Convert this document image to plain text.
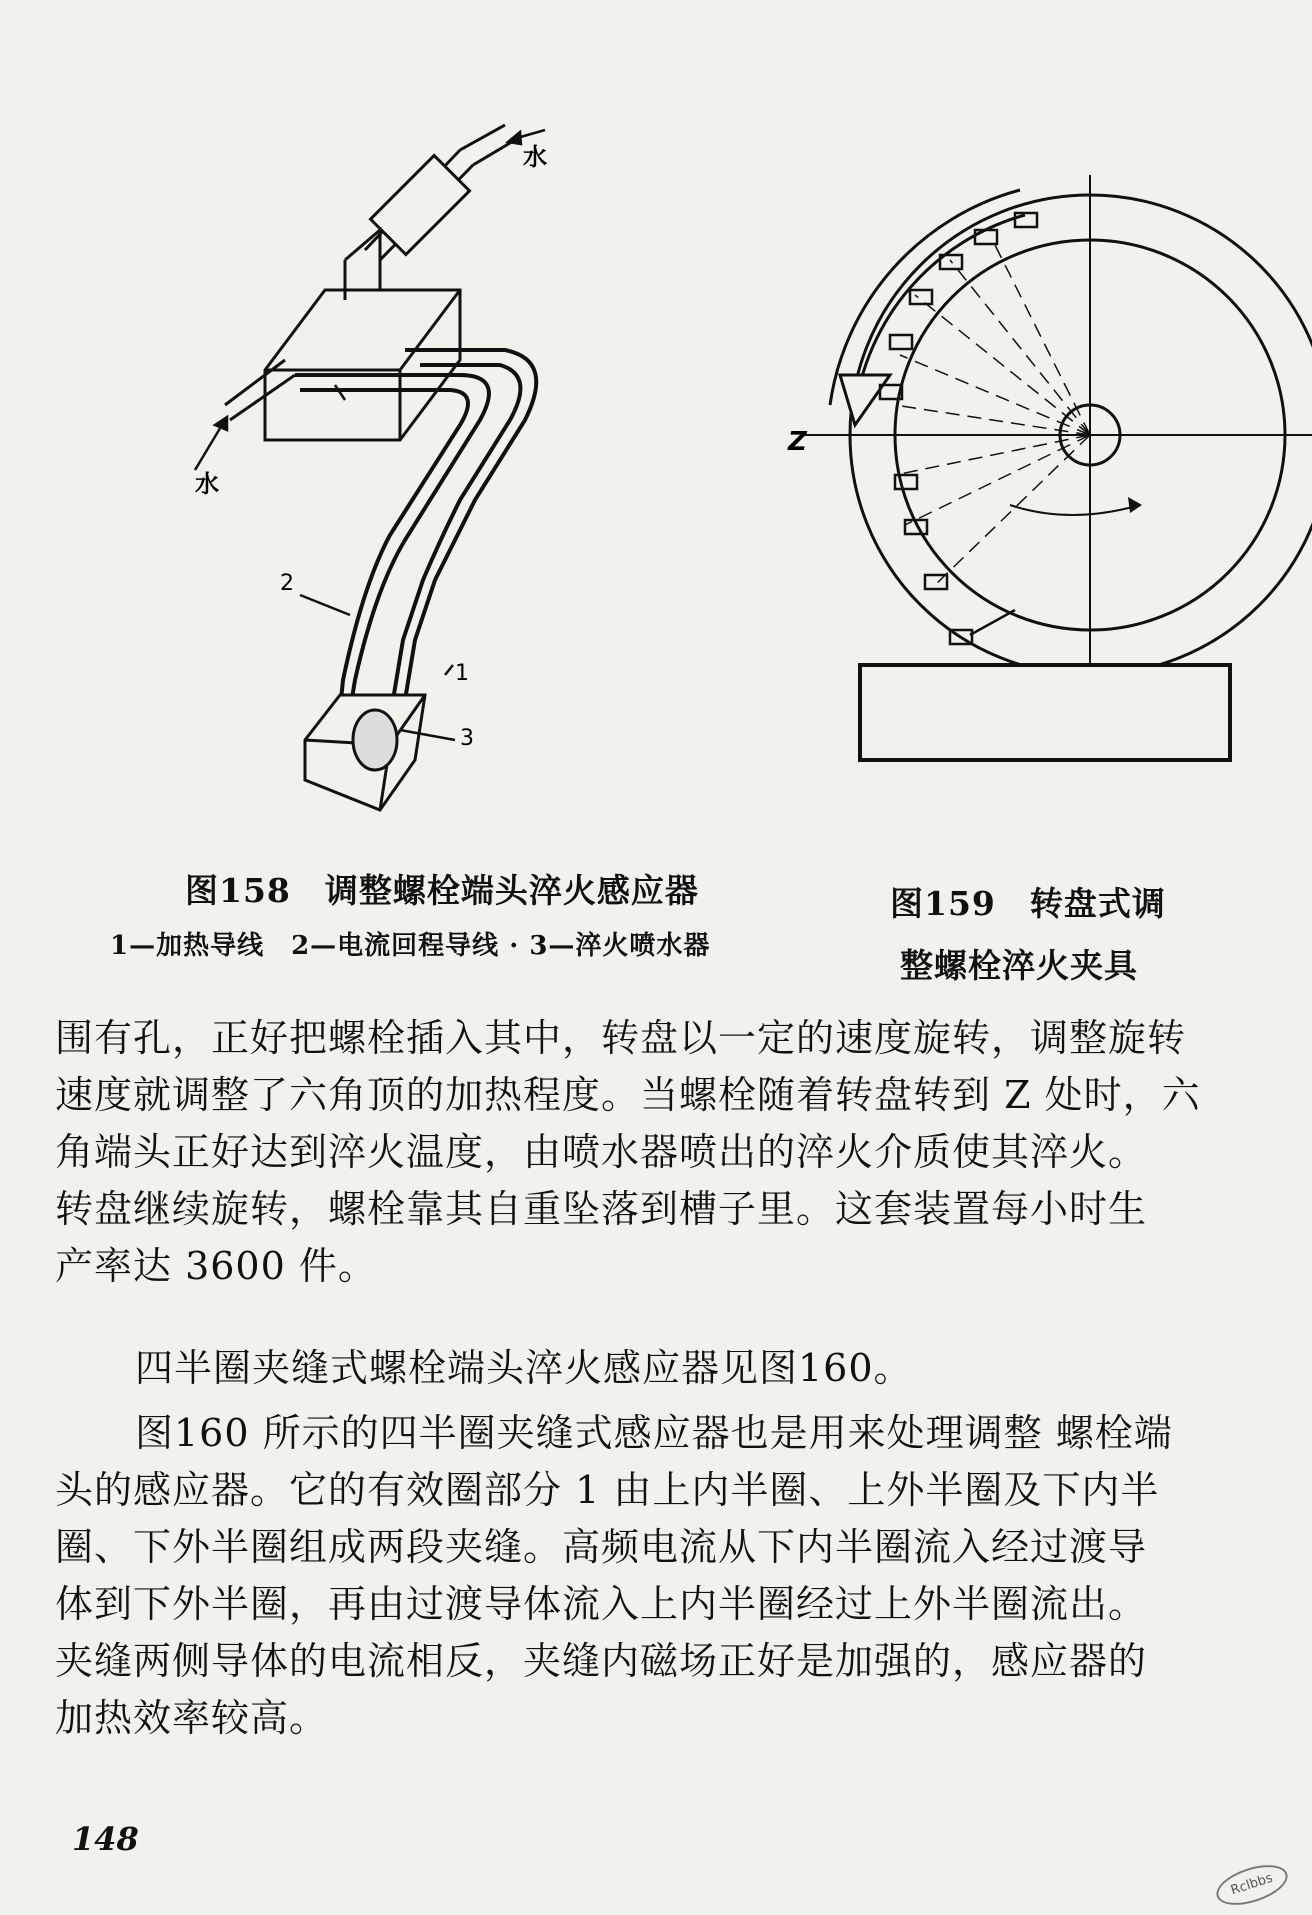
水
水
2
1
3
Z
图158　调整螺栓端头淬火感应器
1—加热导线　2—电流回程导线 · 3—淬火喷水器
图159　转盘式调
整螺栓淬火夹具
围有孔，正好把螺栓插入其中，转盘以一定的速度旋转，调整旋转
速度就调整了六角顶的加热程度。当螺栓随着转盘转到 Z 处时，六
角端头正好达到淬火温度，由喷水器喷出的淬火介质使其淬火。
转盘继续旋转，螺栓靠其自重坠落到槽子里。这套装置每小时生
产率达 3600 件。
四半圈夹缝式螺栓端头淬火感应器见图160。
图160 所示的四半圈夹缝式感应器也是用来处理调整 螺栓端
头的感应器。它的有效圈部分 1 由上内半圈、上外半圈及下内半
圈、下外半圈组成两段夹缝。高频电流从下内半圈流入经过渡导
体到下外半圈，再由过渡导体流入上内半圈经过上外半圈流出。
夹缝两侧导体的电流相反，夹缝内磁场正好是加强的，感应器的
加热效率较高。
148
Rclbbs
